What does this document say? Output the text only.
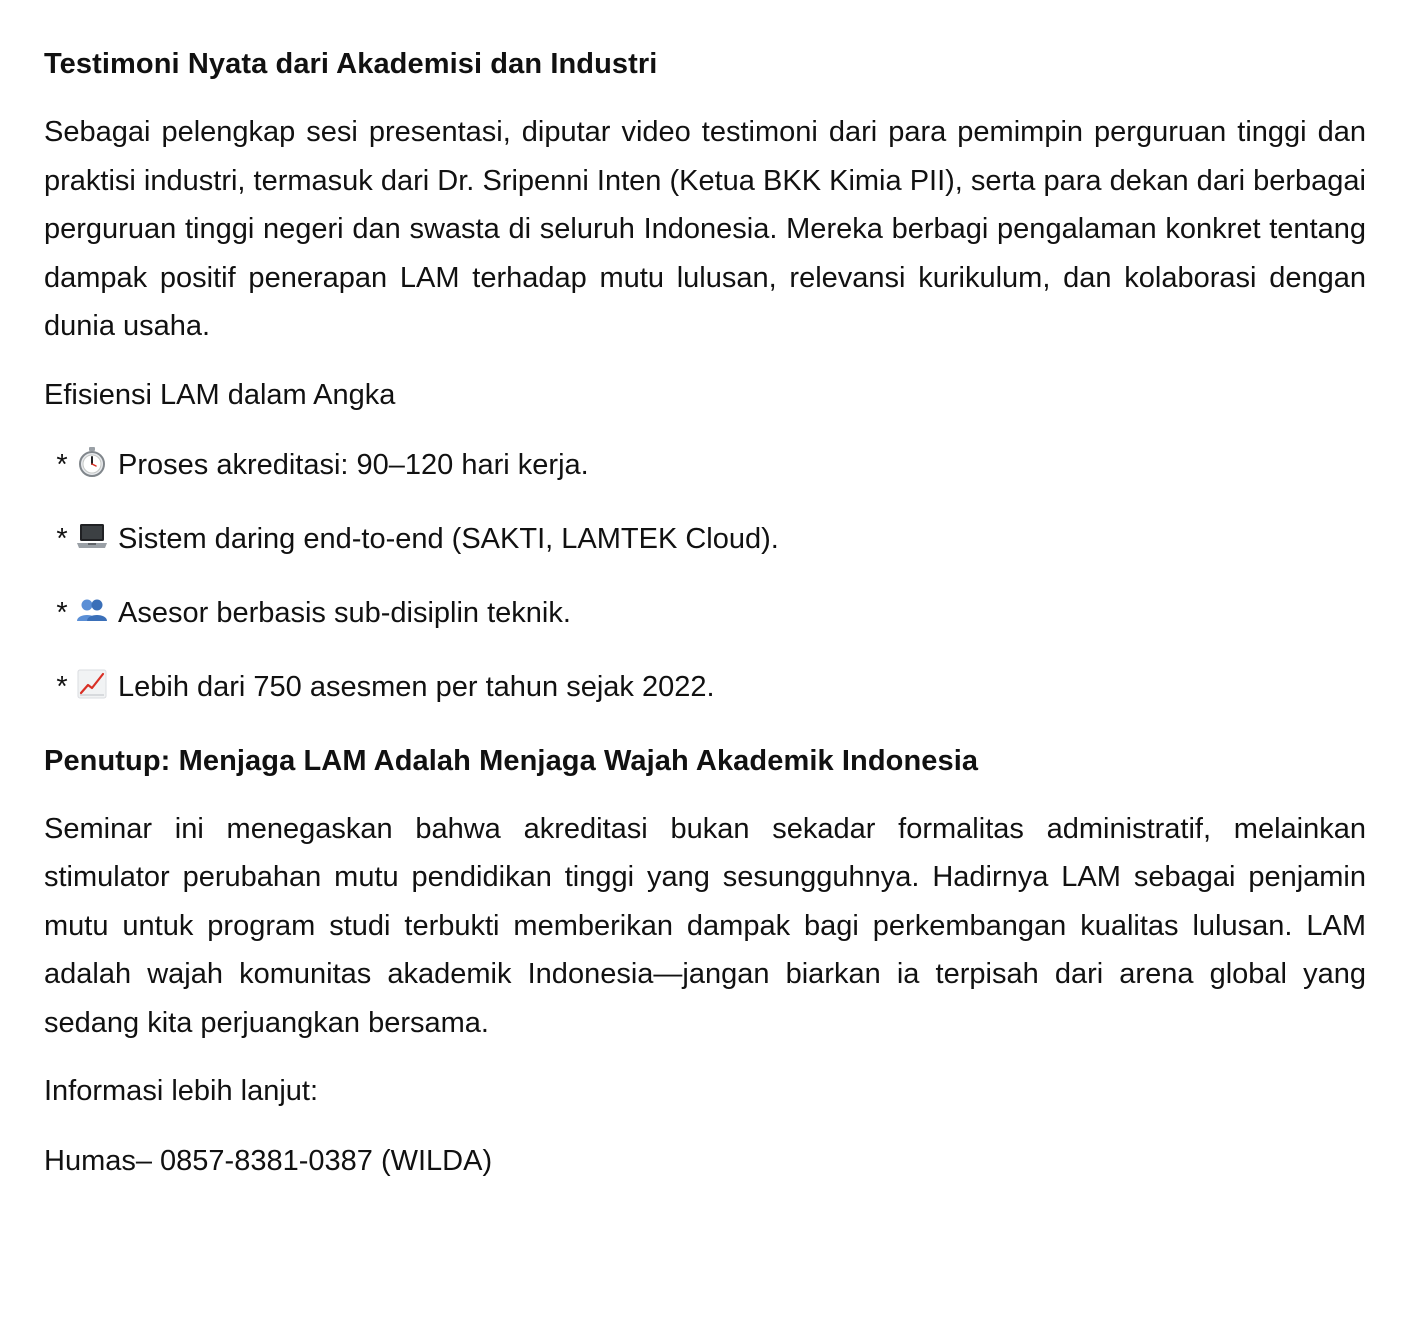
Testimoni Nyata dari Akademisi dan Industri
Sebagai pelengkap sesi presentasi, diputar video testimoni dari para pemimpin perguruan tinggi dan praktisi industri, termasuk dari Dr. Sripenni Inten (Ketua BKK Kimia PII), serta para dekan dari berbagai perguruan tinggi negeri dan swasta di seluruh Indonesia. Mereka berbagi pengalaman konkret tentang dampak positif penerapan LAM terhadap mutu lulusan, relevansi kurikulum, dan kolaborasi dengan dunia usaha.
Efisiensi LAM dalam Angka
* Proses akreditasi: 90–120 hari kerja.
* Sistem daring end-to-end (SAKTI, LAMTEK Cloud).
* Asesor berbasis sub-disiplin teknik.
* Lebih dari 750 asesmen per tahun sejak 2022.
Penutup: Menjaga LAM Adalah Menjaga Wajah Akademik Indonesia
Seminar ini menegaskan bahwa akreditasi bukan sekadar formalitas administratif, melainkan stimulator perubahan mutu pendidikan tinggi yang sesungguhnya. Hadirnya LAM sebagai penjamin mutu untuk program studi terbukti memberikan dampak bagi perkembangan kualitas lulusan. LAM adalah wajah komunitas akademik Indonesia—jangan biarkan ia terpisah dari arena global yang sedang kita perjuangkan bersama.
Informasi lebih lanjut:
Humas– 0857-8381-0387 (WILDA)
